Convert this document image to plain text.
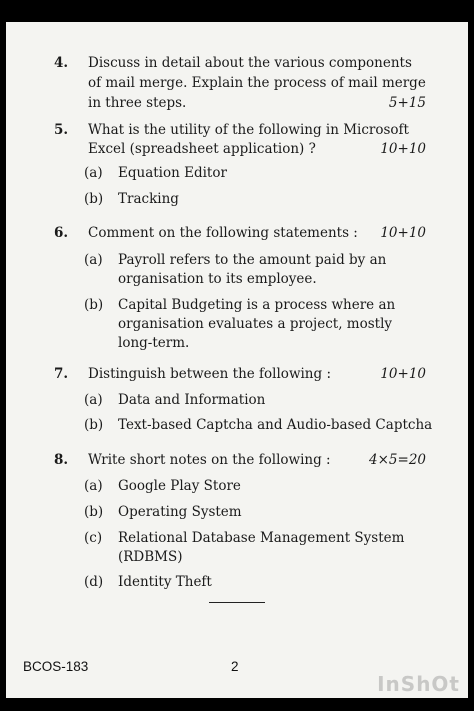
4. Discuss in detail about the various components
of mail merge. Explain the process of mail merge
in three steps.	5+15
5. What is the utility of the following in Microsoft
Excel (spreadsheet application) ?	10+10
(a) Equation Editor
(b) Tracking
6. Comment on the following statements : 10+10
(a) Payroll refers to the amount paid by an
organisation to its employee.
(b) Capital Budgeting is a process where an
organisation evaluates a project, mostly
long-term.
7. Distinguish between the following :	10+10
(a) Data and Information
(b) Text-based Captcha and Audio-based Captcha
8. Write short notes on the following :	4×5=20
(a) Google Play Store
(b) Operating System
(c) Relational Database Management System
(RDBMS)
(d) Identity Theft
BCOS-183	2
InShOt
